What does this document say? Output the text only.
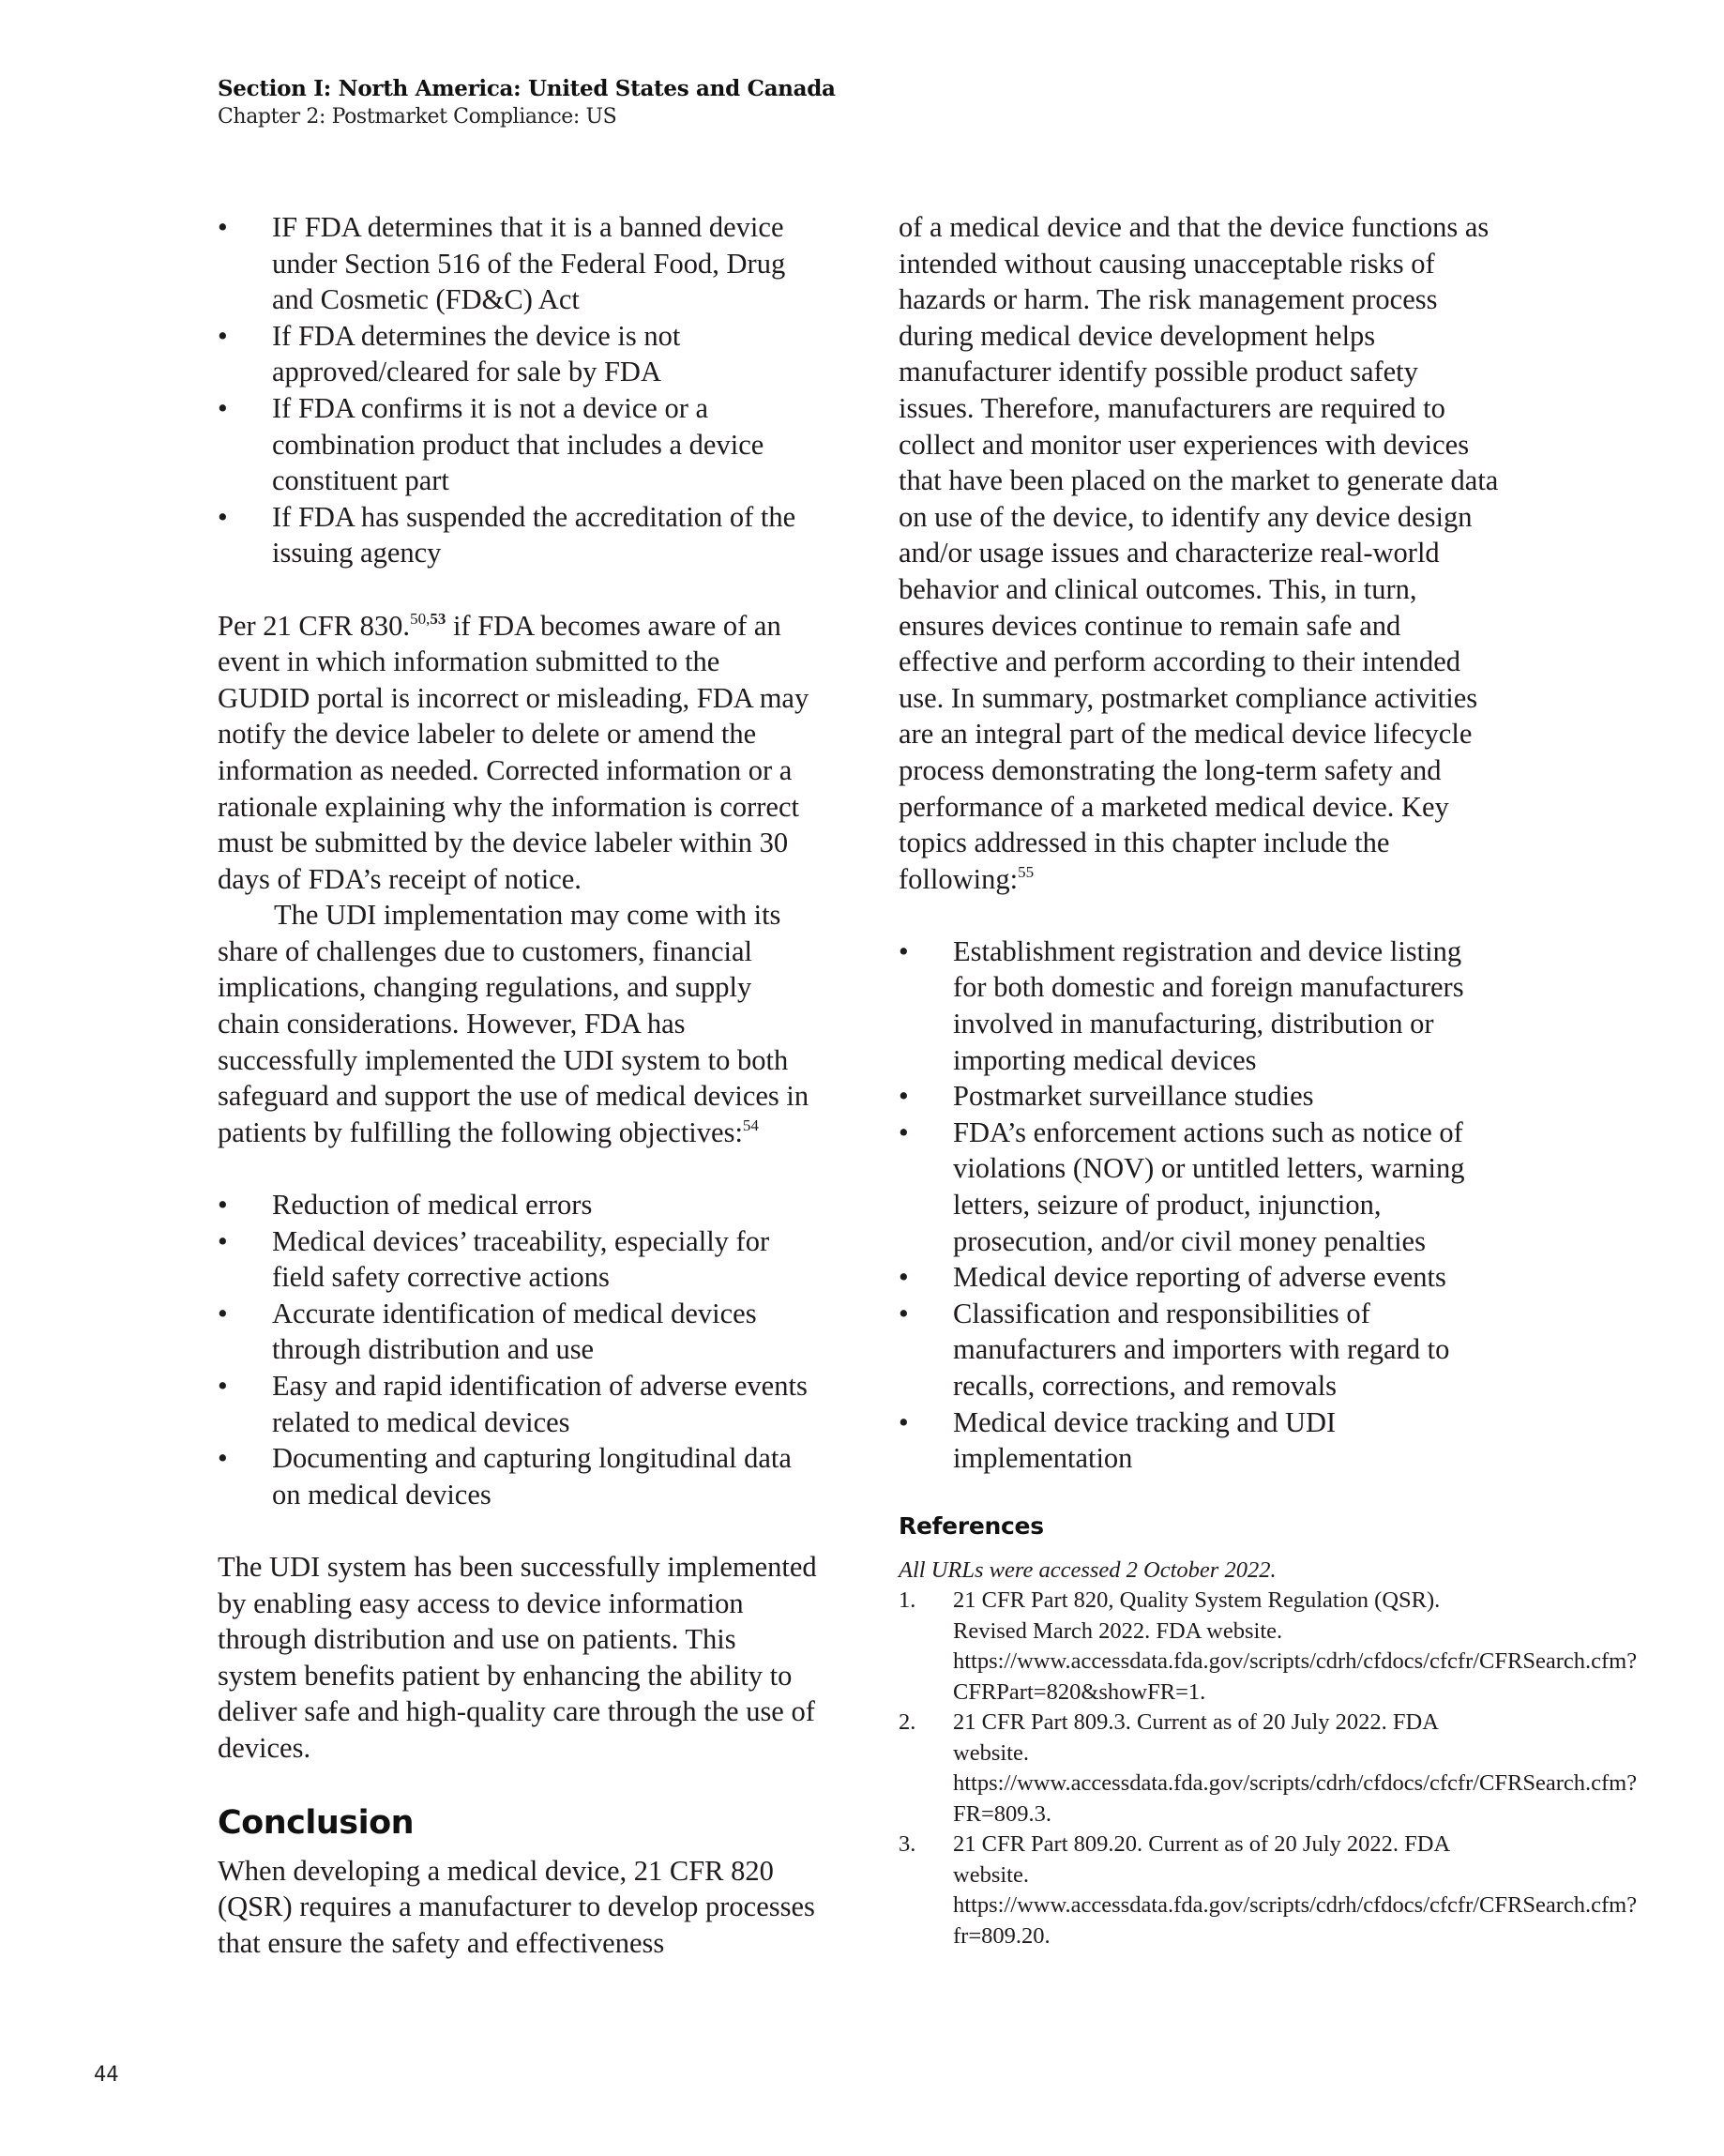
Section I: North America: United States and Canada
Chapter 2: Postmarket Compliance: US
•	IF FDA determines that it is a banned device under Section 516 of the Federal Food, Drug and Cosmetic (FD&C) Act
•	If FDA determines the device is not approved/cleared for sale by FDA
•	If FDA confirms it is not a device or a combination product that includes a device constituent part
•	If FDA has suspended the accreditation of the issuing agency

Per 21 CFR 830.$^{50,53}$ if FDA becomes aware of an event in which information submitted to the GUDID portal is incorrect or misleading, FDA may notify the device labeler to delete or amend the information as needed. Corrected information or a rationale explaining why the information is correct must be submitted by the device labeler within 30 days of FDA’s receipt of notice.

The UDI implementation may come with its share of challenges due to customers, financial implications, changing regulations, and supply chain considerations. However, FDA has successfully implemented the UDI system to both safeguard and support the use of medical devices in patients by fulfilling the following objectives:$^{54}$

•	Reduction of medical errors
•	Medical devices’ traceability, especially for field safety corrective actions
•	Accurate identification of medical devices through distribution and use
•	Easy and rapid identification of adverse events related to medical devices
•	Documenting and capturing longitudinal data on medical devices

The UDI system has been successfully implemented by enabling easy access to device information through distribution and use on patients. This system benefits patient by enhancing the ability to deliver safe and high-quality care through the use of devices.

Conclusion

When developing a medical device, 21 CFR 820 (QSR) requires a manufacturer to develop processes that ensure the safety and effectiveness

of a medical device and that the device functions as intended without causing unacceptable risks of hazards or harm. The risk management process during medical device development helps manufacturer identify possible product safety issues. Therefore, manufacturers are required to collect and monitor user experiences with devices that have been placed on the market to generate data on use of the device, to identify any device design and/or usage issues and characterize real-world behavior and clinical outcomes. This, in turn, ensures devices continue to remain safe and effective and perform according to their intended use. In summary, postmarket compliance activities are an integral part of the medical device lifecycle process demonstrating the long-term safety and performance of a marketed medical device. Key topics addressed in this chapter include the following:$^{55}$

•	Establishment registration and device listing for both domestic and foreign manufacturers involved in manufacturing, distribution or importing medical devices
•	Postmarket surveillance studies
•	FDA’s enforcement actions such as notice of violations (NOV) or untitled letters, warning letters, seizure of product, injunction, prosecution, and/or civil money penalties
•	Medical device reporting of adverse events
•	Classification and responsibilities of manufacturers and importers with regard to recalls, corrections, and removals
•	Medical device tracking and UDI implementation
References
All URLs were accessed 2 October 2022.
1. 21 CFR Part 820, Quality System Regulation (QSR). Revised March 2022. FDA website. https://www.accessdata.fda.gov/scripts/cdrh/cfdocs/cfcfr/CFRSearch.cfm?CFRPart=820&showFR=1.
2. 21 CFR Part 809.3. Current as of 20 July 2022. FDA website. https://www.accessdata.fda.gov/scripts/cdrh/cfdocs/cfcfr/CFRSearch.cfm?FR=809.3.
3. 21 CFR Part 809.20. Current as of 20 July 2022. FDA website. https://www.accessdata.fda.gov/scripts/cdrh/cfdocs/cfcfr/CFRSearch.cfm?fr=809.20.
44
